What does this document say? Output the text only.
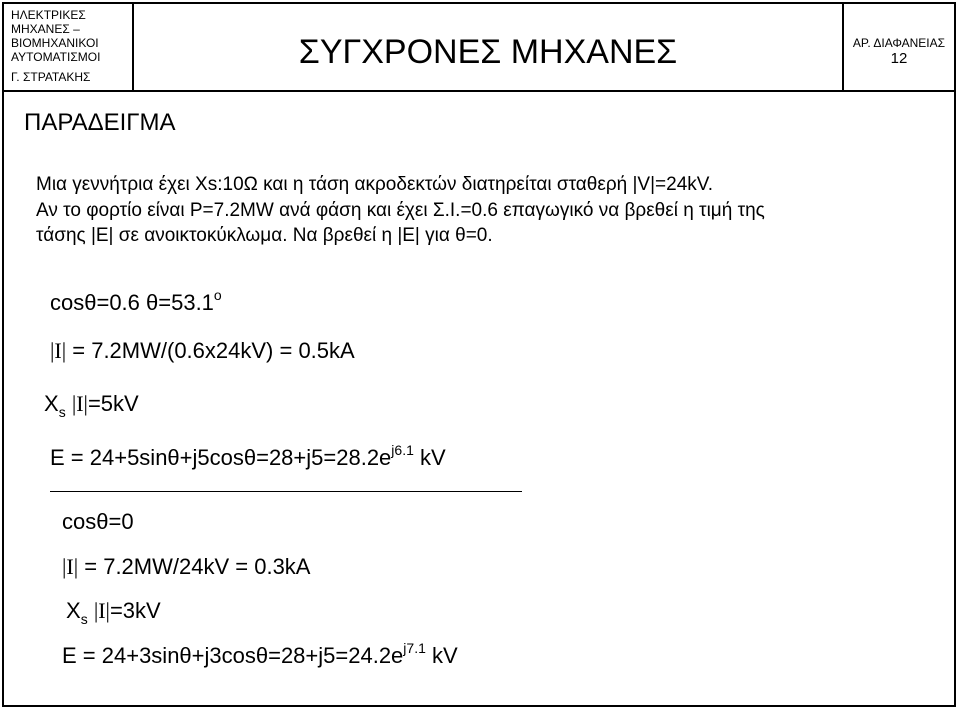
ΗΛΕΚΤΡΙΚΕΣ
ΜΗΧΑΝΕΣ –
ΒΙΟΜΗΧΑΝΙΚΟΙ
ΑΥΤΟΜΑΤΙΣΜΟΙ
Γ. ΣΤΡΑΤΑΚΗΣ
ΣΥΓΧΡΟΝΕΣ ΜΗΧΑΝΕΣ	ΑΡ. ΔΙΑΦΑΝΕΙΑΣ
12
ΠΑΡΑΔΕΙΓΜΑ
Μια γεννήτρια έχει Xs:10Ω και η τάση ακροδεκτών διατηρείται σταθερή |V|=24kV.
Αν το φορτίο είναι P=7.2MW ανά φάση και έχει Σ.Ι.=0.6 επαγωγικό να βρεθεί η τιμή της
τάσης |E| σε ανοικτοκύκλωμα. Να βρεθεί η |E| για θ=0.
cosθ=0.6 $\theta=53.1^o$
|I| = 7.2MW/(0.6x24kV) = 0.5kA
$X_s$ |I|=5kV
$E = 24+5\sin\theta+j5\cos\theta=28+j5=28.2e^{j6.1}$ kV
cosθ=0
|I| = 7.2MW/24kV = 0.3kA
$X_s$ |I|=3kV
$E = 24+3\sin\theta+j3\cos\theta=28+j5=24.2e^{j7.1}$ kV
